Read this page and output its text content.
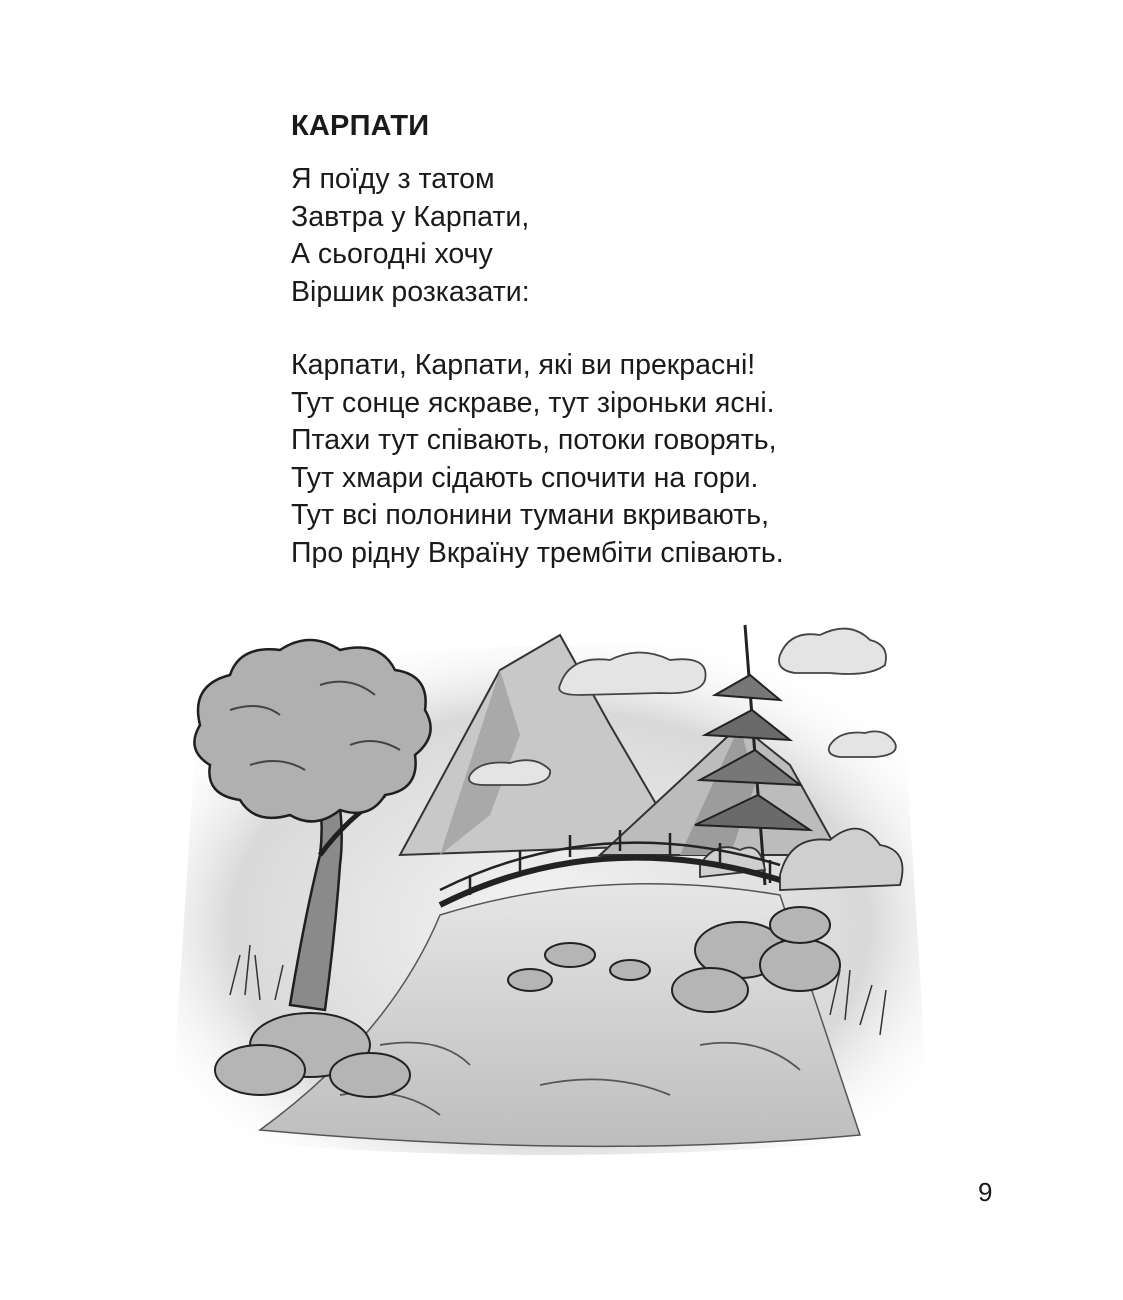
КАРПАТИ
Я поїду з татом
Завтра у Карпати,
А сьогодні хочу
Віршик розказати:
Карпати, Карпати, які ви прекрасні!
Тут сонце яскраве, тут зіроньки ясні.
Птахи тут співають, потоки говорять,
Тут хмари сідають спочити на гори.
Тут всі полонини тумани вкривають,
Про рідну Вкраїну трембіти співають.
9
